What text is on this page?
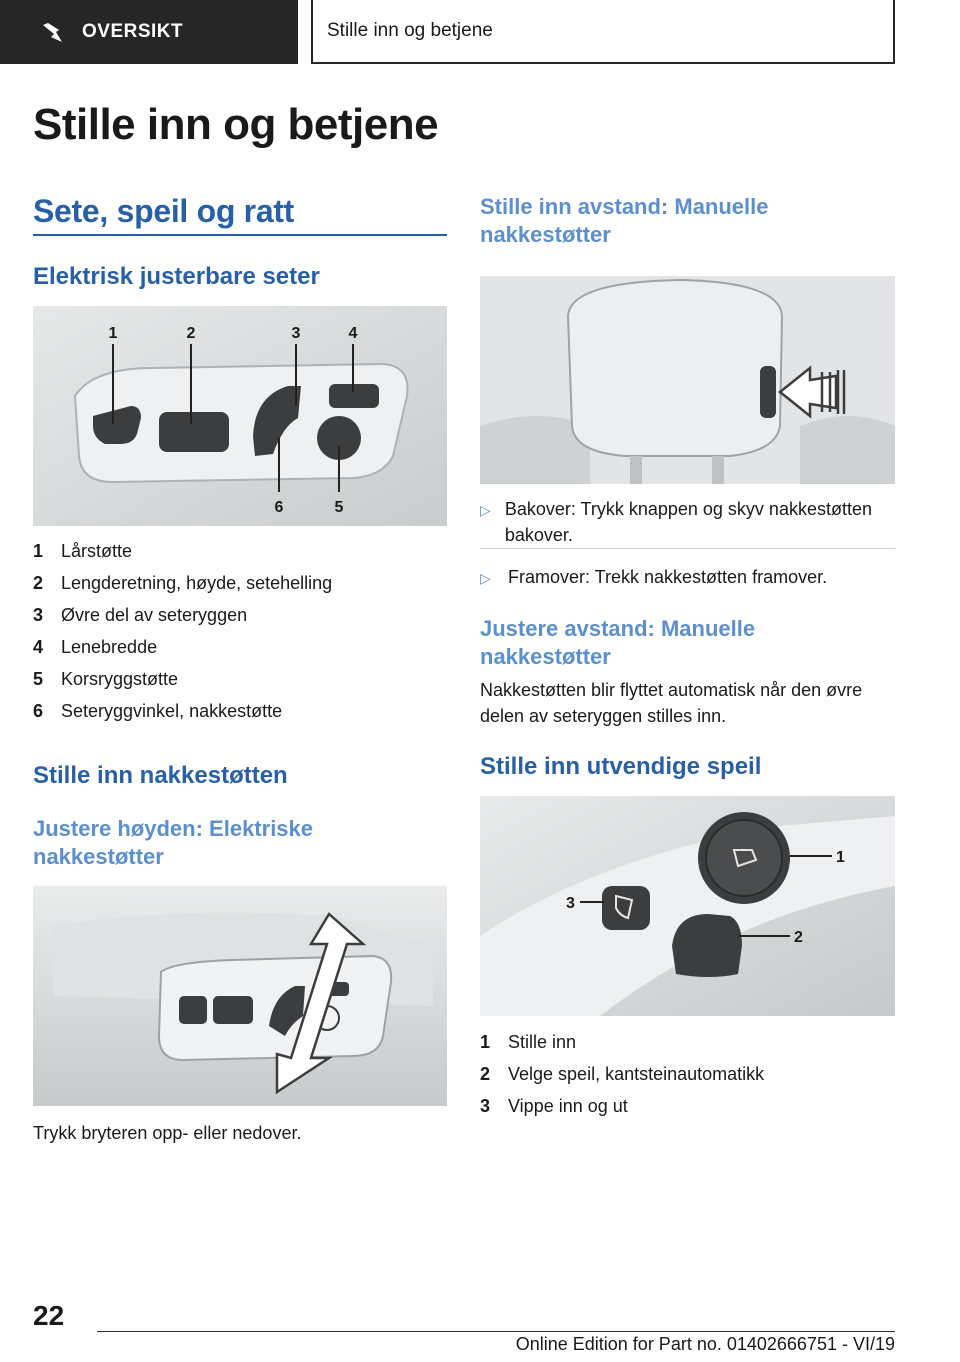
OVERSIKT	Stille inn og betjene
Stille inn og betjene
Sete, speil og ratt
Elektrisk justerbare seter
1	2	3	4
6	5
1 Lårstøtte
2 Lengderetning, høyde, setehelling
3 Øvre del av seteryggen
4 Lenebredde
5 Korsryggstøtte
6 Seteryggvinkel, nakkestøtte
Stille inn nakkestøtten
Justere høyden: Elektriske nakkestøtter
Trykk bryteren opp- eller nedover.
Stille inn avstand: Manuelle nakkestøtter
▷ Bakover: Trykk knappen og skyv nakkestøtten bakover.
▷ Framover: Trekk nakkestøtten framover.
Justere avstand: Manuelle nakkestøtter
Nakkestøtten blir flyttet automatisk når den øvre delen av seteryggen stilles inn.
Stille inn utvendige speil
1
2
3
1 Stille inn
2 Velge speil, kantsteinautomatikk
3 Vippe inn og ut
22
Online Edition for Part no. 01402666751 - VI/19
